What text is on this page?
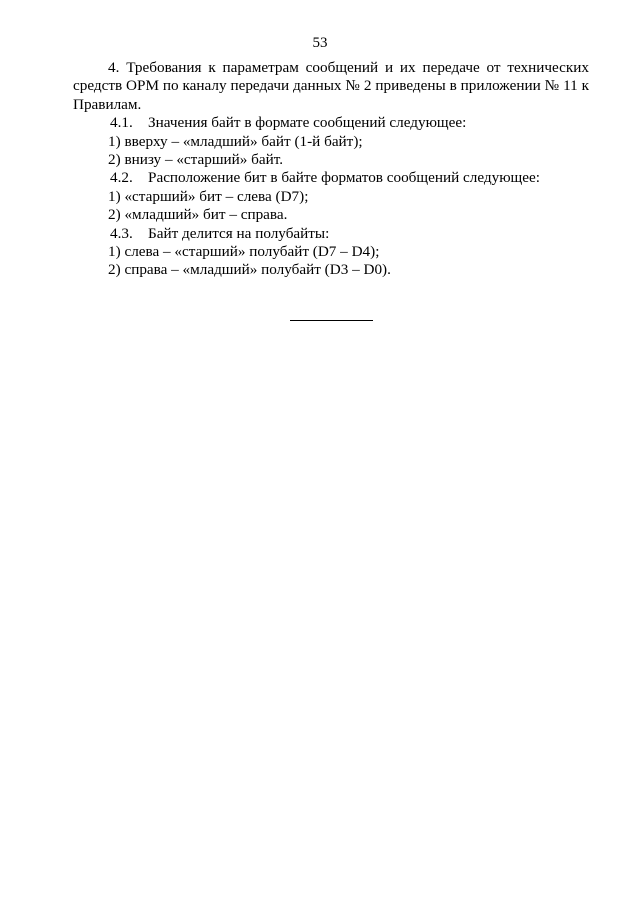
53

4. Требования к параметрам сообщений и их передаче от технических средств ОРМ по каналу передачи данных № 2 приведены в приложении № 11 к Правилам.

4.1. Значения байт в формате сообщений следующее:

1) вверху – «младший» байт (1-й байт);

2) внизу – «старший» байт.

4.2. Расположение бит в байте форматов сообщений следующее:

1) «старший» бит – слева (D7);

2) «младший» бит – справа.

4.3. Байт делится на полубайты:

1) слева – «старший» полубайт (D7 – D4);

2) справа – «младший» полубайт (D3 – D0).
